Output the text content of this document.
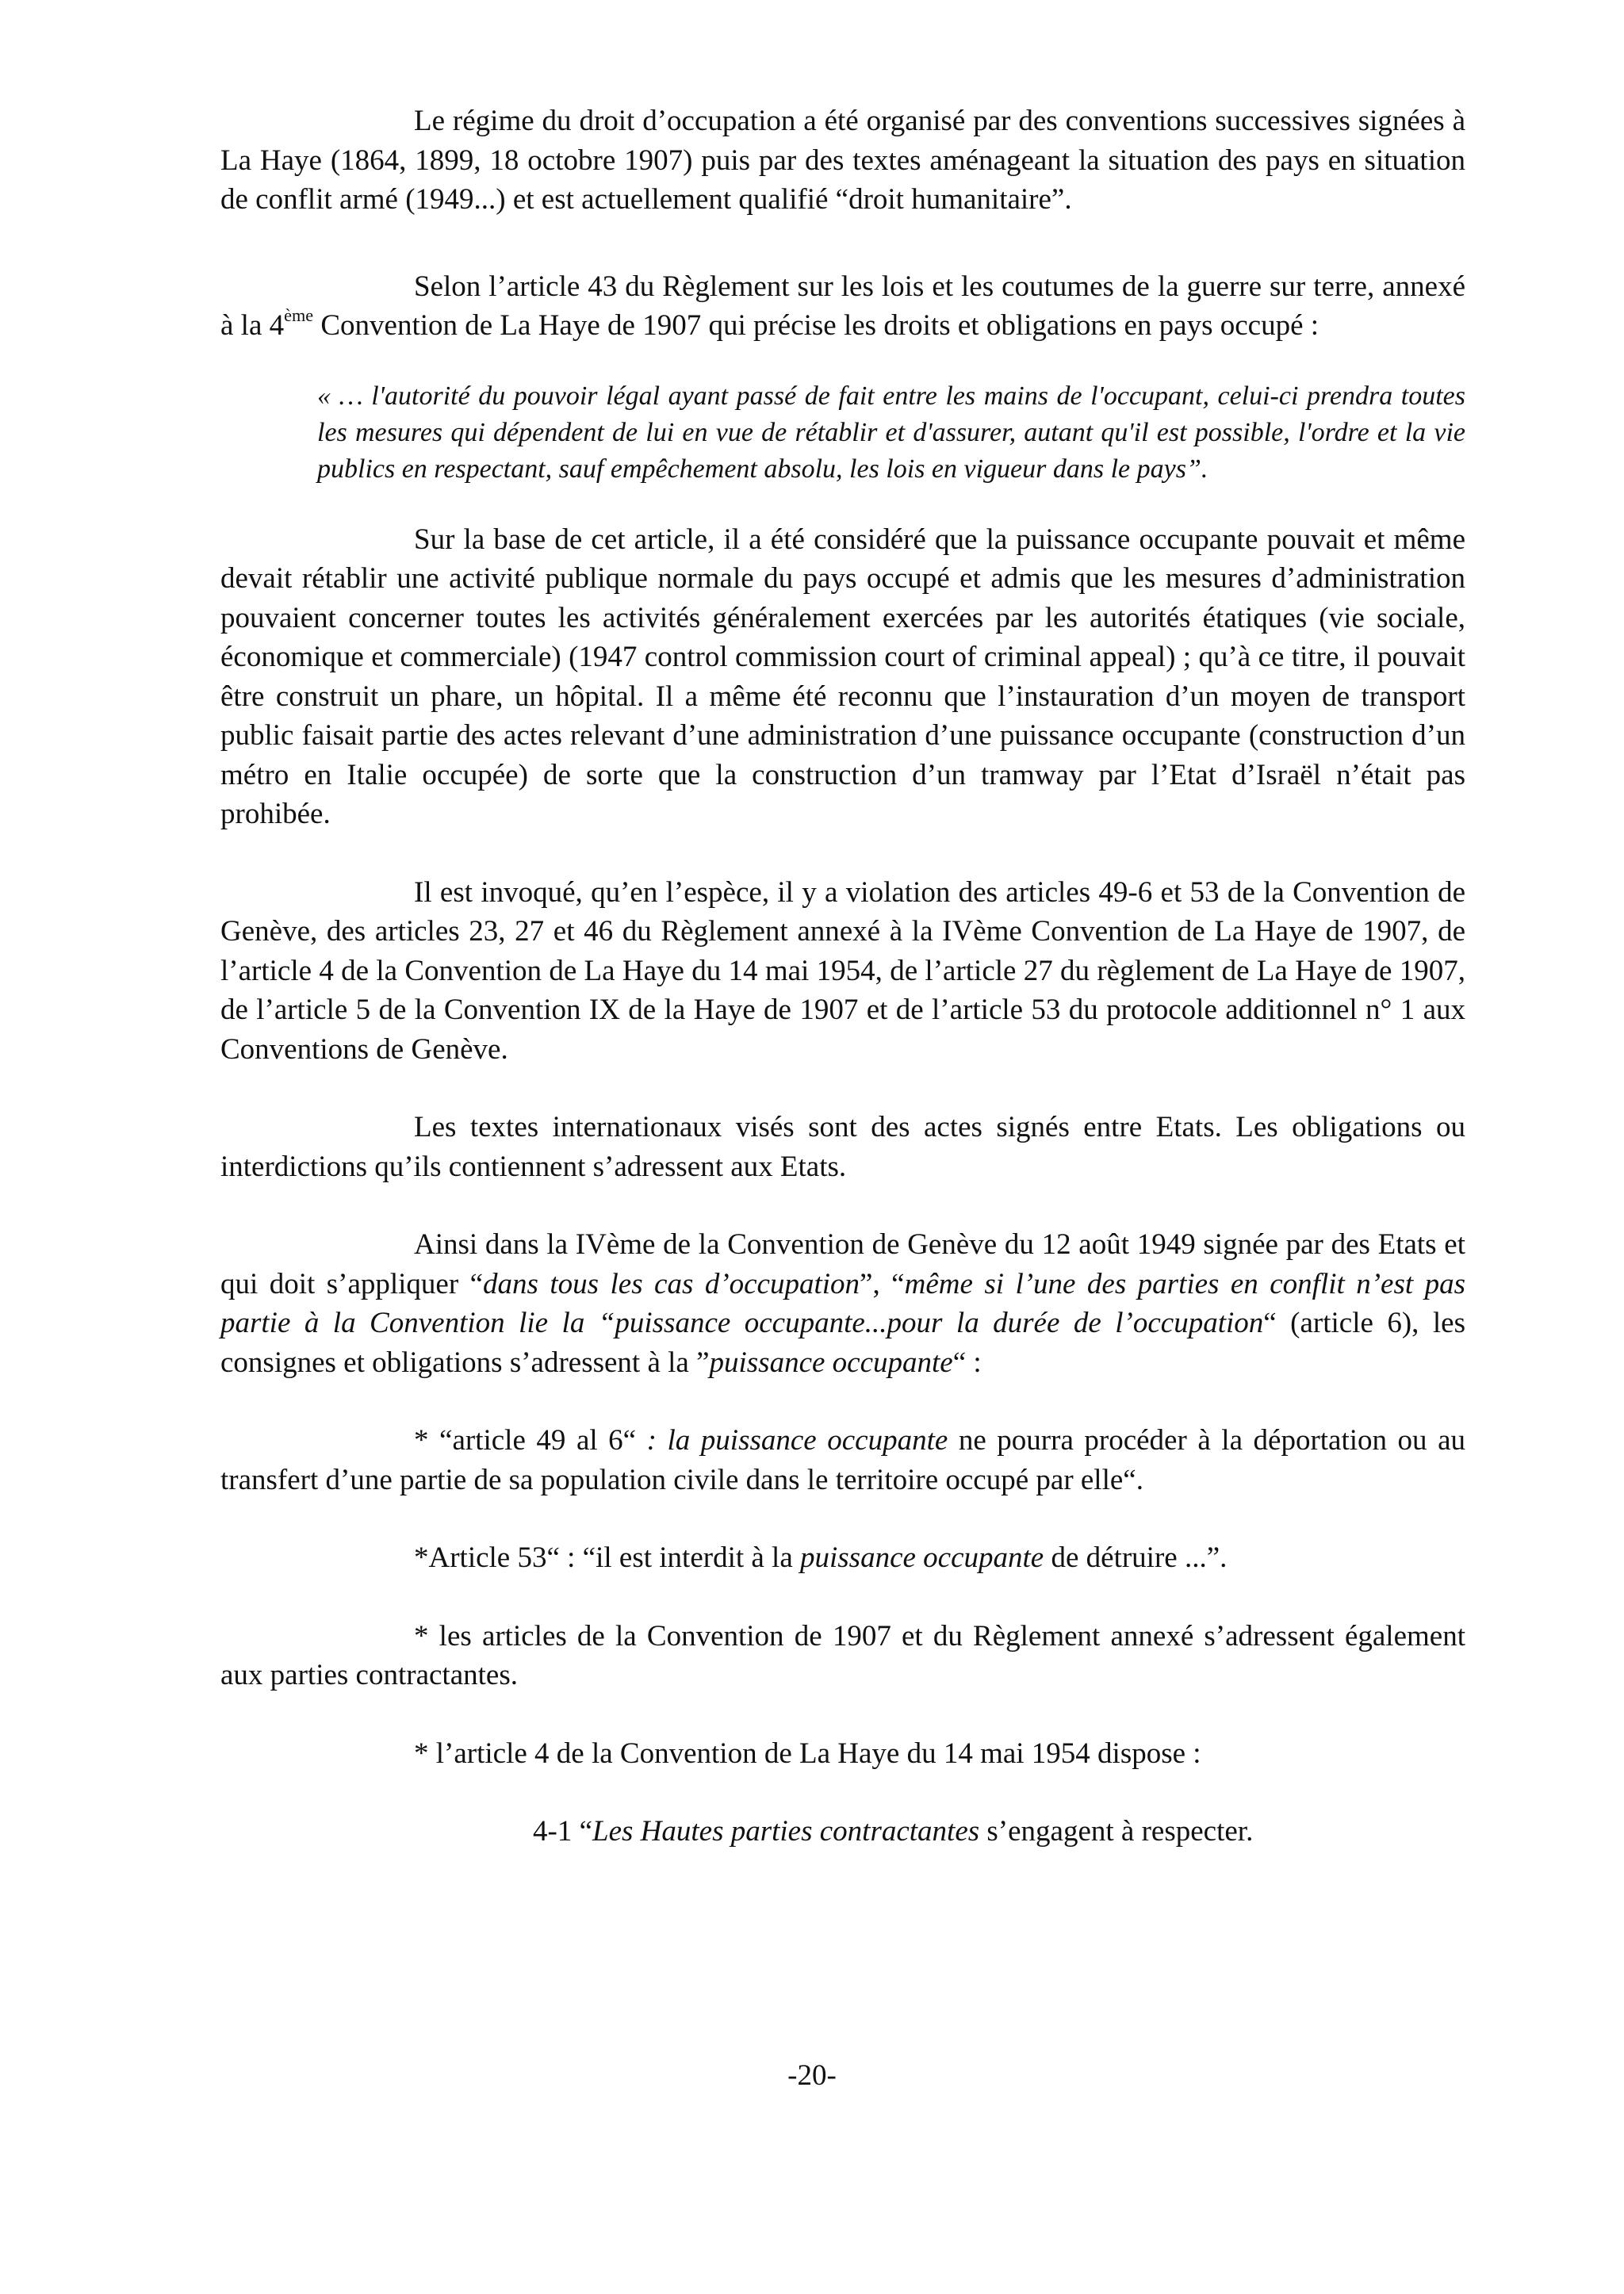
Le régime du droit d’occupation a été organisé par des conventions successives signées à La Haye (1864, 1899, 18 octobre 1907) puis par des textes aménageant la situation des pays en situation de conflit armé (1949...) et est actuellement qualifié “droit humanitaire”.

Selon l’article 43 du Règlement sur les lois et les coutumes de la guerre sur terre, annexé à la 4ème Convention de La Haye de 1907 qui précise les droits et obligations en pays occupé :

« … l'autorité du pouvoir légal ayant passé de fait entre les mains de l'occupant, celui-ci prendra toutes les mesures qui dépendent de lui en vue de rétablir et d'assurer, autant qu'il est possible, l'ordre et la vie publics en respectant, sauf empêchement absolu, les lois en vigueur dans le pays”.

Sur la base de cet article, il a été considéré que la puissance occupante pouvait et même devait rétablir une activité publique normale du pays occupé et admis que les mesures d’administration pouvaient concerner toutes les activités généralement exercées par les autorités étatiques (vie sociale, économique et commerciale) (1947 control commission court of criminal appeal) ; qu’à ce titre, il pouvait être construit un phare, un hôpital. Il a même été reconnu que l’instauration d’un moyen de transport public faisait partie des actes relevant d’une administration d’une puissance occupante (construction d’un métro en Italie occupée) de sorte que la construction d’un tramway par l’Etat d’Israël n’était pas prohibée.

Il est invoqué, qu’en l’espèce, il y a violation des articles 49-6 et 53 de la Convention de Genève, des articles 23, 27 et 46 du Règlement annexé à la IVème Convention de La Haye de 1907, de l’article 4 de la Convention de La Haye du 14 mai 1954, de l’article 27 du règlement de La Haye de 1907, de l’article 5 de la Convention IX de la Haye de 1907 et de l’article 53 du protocole additionnel n° 1 aux Conventions de Genève.

Les textes internationaux visés sont des actes signés entre Etats. Les obligations ou interdictions qu’ils contiennent s’adressent aux Etats.

Ainsi dans la IVème de la Convention de Genève du 12 août 1949 signée par des Etats et qui doit s’appliquer “dans tous les cas d’occupation”, “même si l’une des parties en conflit n’est pas partie à la Convention lie la “puissance occupante...pour la durée de l’occupation“ (article 6), les consignes et obligations s’adressent à la ”puissance occupante“ :

* “article 49 al 6“ : la puissance occupante ne pourra procéder à la déportation ou au transfert d’une partie de sa population civile dans le territoire occupé par elle“.

*Article 53“ : “il est interdit à la puissance occupante de détruire ...”.

* les articles de la Convention de 1907 et du Règlement annexé s’adressent également aux parties contractantes.

* l’article 4 de la Convention de La Haye du 14 mai 1954 dispose :

4-1 “Les Hautes parties contractantes s’engagent à respecter.

-20-
